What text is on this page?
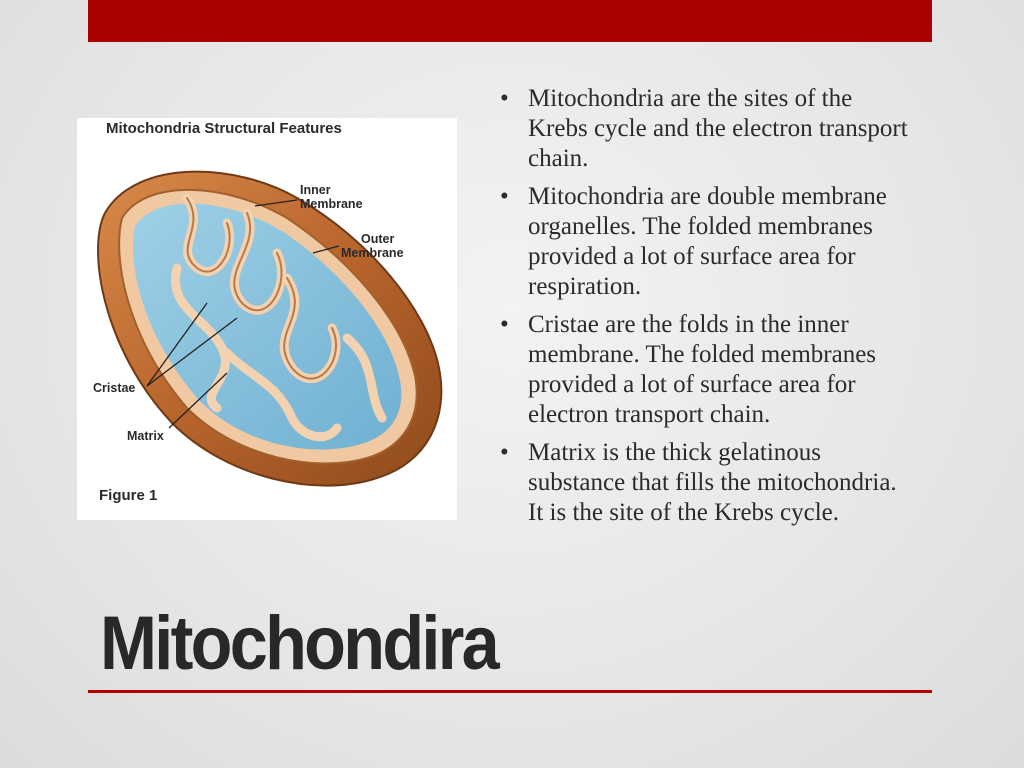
Mitochondria Structural Features
Inner
Membrane
Outer
Membrane
Cristae
Matrix
Figure 1
• Mitochondria are the sites of the Krebs cycle and the electron transport chain.
• Mitochondria are double membrane organelles. The folded membranes provided a lot of surface area for respiration.
• Cristae are the folds in the inner membrane. The folded membranes provided a lot of surface area for electron transport chain.
• Matrix is the thick gelatinous substance that fills the mitochondria. It is the site of the Krebs cycle.
Mitochondira
